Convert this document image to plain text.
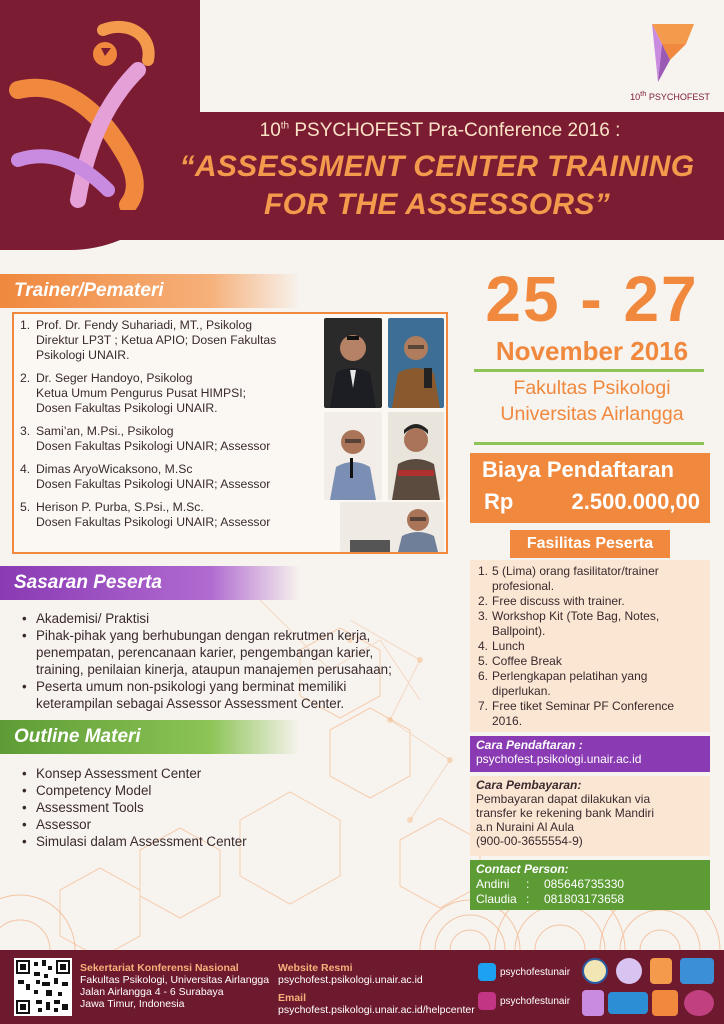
10th PSYCHOFEST
10th PSYCHOFEST Pra-Conference 2016 :
“ASSESSMENT CENTER TRAINING
FOR THE ASSESSORS”
Trainer/Pemateri
1. Prof. Dr. Fendy Suhariadi, MT., Psikolog
Direktur LP3T ; Ketua APIO; Dosen Fakultas
Psikologi UNAIR.
2. Dr. Seger Handoyo, Psikolog
Ketua Umum Pengurus Pusat HIMPSI;
Dosen Fakultas Psikologi UNAIR.
3. Sami’an, M.Psi., Psikolog
Dosen Fakultas Psikologi UNAIR; Assessor
4. Dimas AryoWicaksono, M.Sc
Dosen Fakultas Psikologi UNAIR; Assessor
5. Herison P. Purba, S.Psi., M.Sc.
Dosen Fakultas Psikologi UNAIR; Assessor
25 - 27
November 2016
Fakultas Psikologi
Universitas Airlangga
Biaya Pendaftaran
Rp	2.500.000,00
Fasilitas Peserta
1. 5 (Lima) orang fasilitator/trainer profesional.
2. Free discuss with trainer.
3. Workshop Kit (Tote Bag, Notes, Ballpoint).
4. Lunch
5. Coffee Break
6. Perlengkapan pelatihan yang diperlukan.
7. Free tiket Seminar PF Conference 2016.
Cara Pendaftaran :
psychofest.psikologi.unair.ac.id
Cara Pembayaran:
Pembayaran dapat dilakukan via
transfer ke rekening bank Mandiri
a.n Nuraini Al Aula
(900-00-3655554-9)
Contact Person:
Andini	:	085646735330
Claudia :	081803173658
Sasaran Peserta
• Akademisi/ Praktisi
• Pihak-pihak yang berhubungan dengan rekrutmen kerja,
penempatan, perencanaan karier, pengembangan karier,
training, penilaian kinerja, ataupun manajemen perusahaan;
• Peserta umum non-psikologi yang berminat memiliki
keterampilan sebagai Assessor Assessment Center.
Outline Materi
• Konsep Assessment Center
• Competency Model
• Assessment Tools
• Assessor
• Simulasi dalam Assessment Center
Sekertariat Konferensi Nasional
Fakultas Psikologi, Universitas Airlangga
Jalan Airlangga 4 - 6 Surabaya
Jawa Timur, Indonesia
Website Resmi
psychofest.psikologi.unair.ac.id
Email
psychofest.psikologi.unair.ac.id/helpcenter
psychofestunair
psychofestunair
